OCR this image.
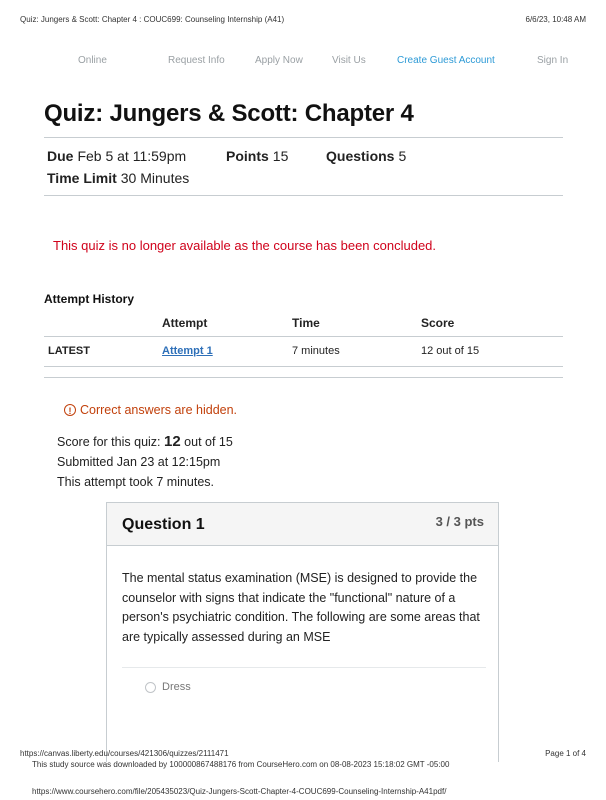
Quiz: Jungers & Scott: Chapter 4 : COUC699: Counseling Internship (A41)	6/6/23, 10:48 AM
Online	Request Info	Apply Now	Visit Us	Create Guest Account	Sign In
Quiz: Jungers & Scott: Chapter 4
Due Feb 5 at 11:59pm	Points 15	Questions 5
Time Limit 30 Minutes
This quiz is no longer available as the course has been concluded.
Attempt History
	Attempt	Time	Score
LATEST	Attempt 1	7 minutes	12 out of 15
! Correct answers are hidden.
Score for this quiz: 12 out of 15
Submitted Jan 23 at 12:15pm
This attempt took 7 minutes.
Question 1	3 / 3 pts
The mental status examination (MSE) is designed to provide the counselor with signs that indicate the "functional" nature of a person's psychiatric condition. The following are some areas that are typically assessed during an MSE
Dress
https://canvas.liberty.edu/courses/421306/quizzes/2111471	Page 1 of 4
This study source was downloaded by 100000867488176 from CourseHero.com on 08-08-2023 15:18:02 GMT -05:00
https://www.coursehero.com/file/205435023/Quiz-Jungers-Scott-Chapter-4-COUC699-Counseling-Internship-A41pdf/
